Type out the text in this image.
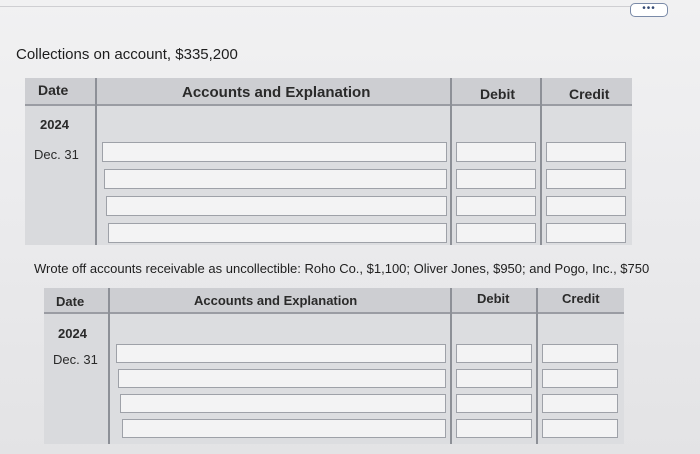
•••
Collections on account, $335,200
Date	Accounts and Explanation	Debit	Credit
2024
Dec. 31
Wrote off accounts receivable as uncollectible: Roho Co., $1,100; Oliver Jones, $950; and Pogo, Inc., $750
Date	Accounts and Explanation	Debit	Credit
2024
Dec. 31
